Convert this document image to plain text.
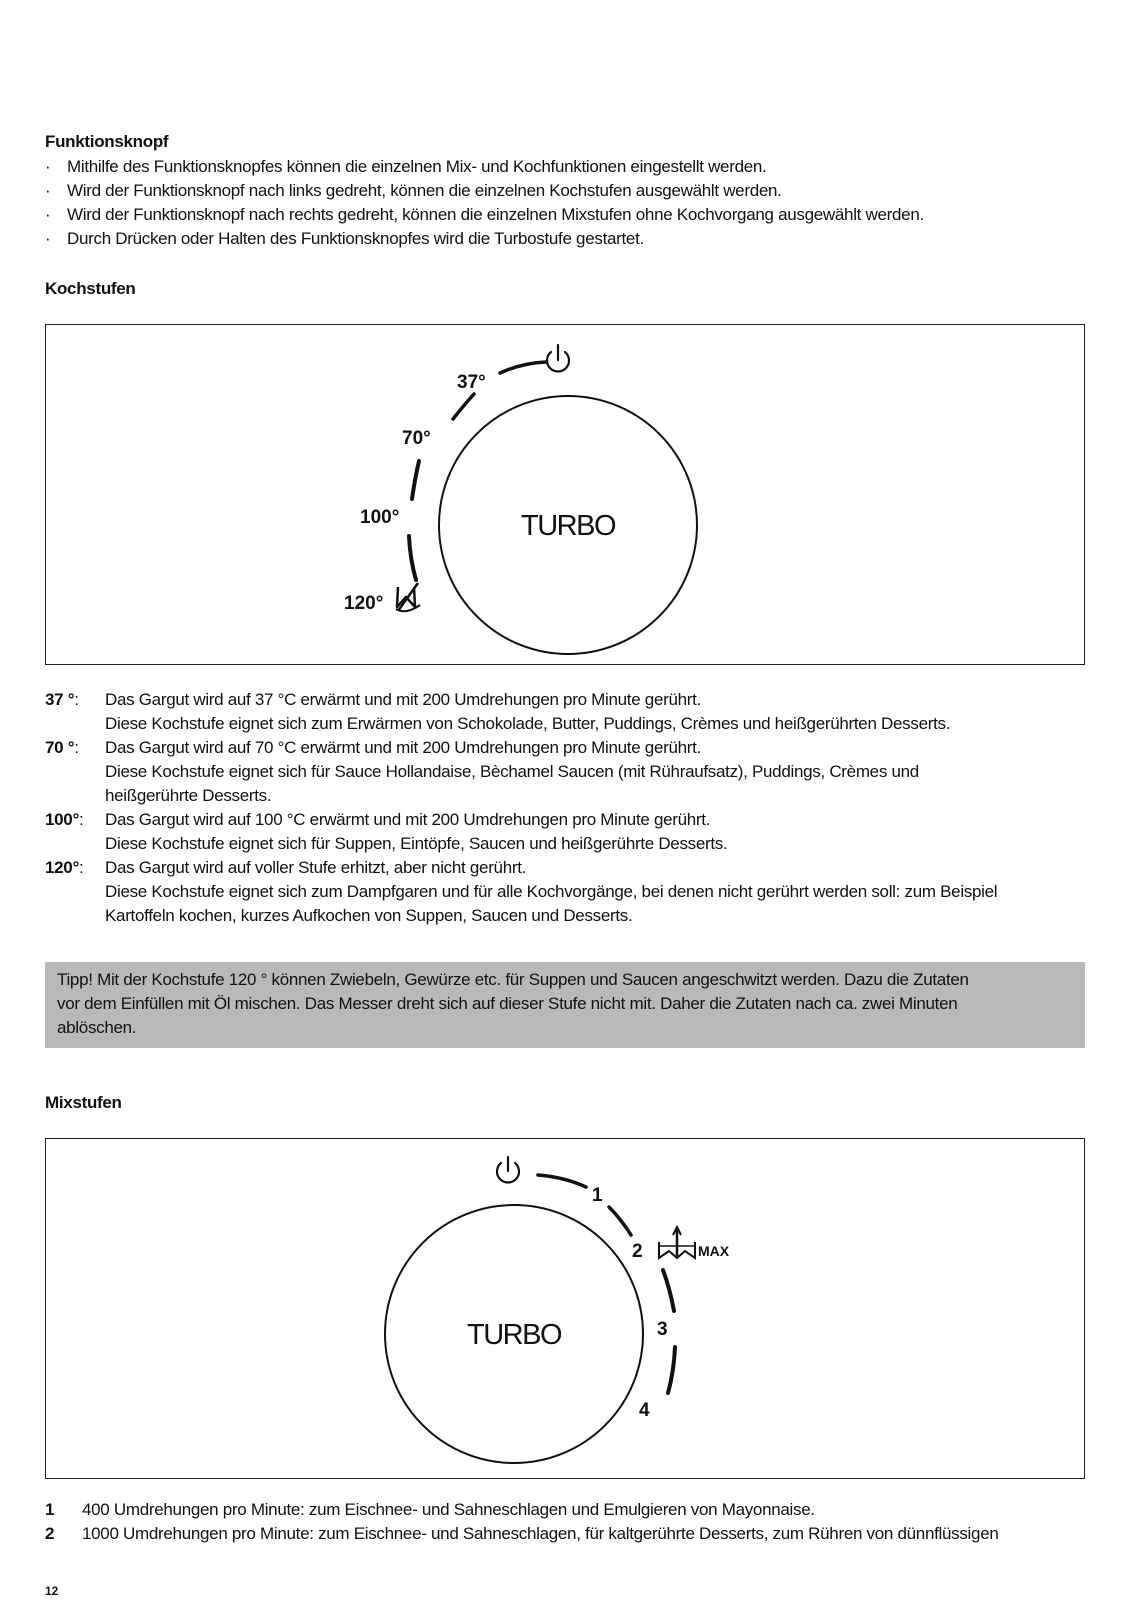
Funktionsknopf
· Mithilfe des Funktionsknopfes können die einzelnen Mix- und Kochfunktionen eingestellt werden.
· Wird der Funktionsknopf nach links gedreht, können die einzelnen Kochstufen ausgewählt werden.
· Wird der Funktionsknopf nach rechts gedreht, können die einzelnen Mixstufen ohne Kochvorgang ausgewählt werden.
· Durch Drücken oder Halten des Funktionsknopfes wird die Turbostufe gestartet.
Kochstufen
TURBO
37°
70°
100°
120°
37 °:	Das Gargut wird auf 37 °C erwärmt und mit 200 Umdrehungen pro Minute gerührt.
Diese Kochstufe eignet sich zum Erwärmen von Schokolade, Butter, Puddings, Crèmes und heißgerührten Desserts.
70 °:	Das Gargut wird auf 70 °C erwärmt und mit 200 Umdrehungen pro Minute gerührt.
Diese Kochstufe eignet sich für Sauce Hollandaise, Bèchamel Saucen (mit Rühraufsatz), Puddings, Crèmes und
heißgerührte Desserts.
100°:	Das Gargut wird auf 100 °C erwärmt und mit 200 Umdrehungen pro Minute gerührt.
Diese Kochstufe eignet sich für Suppen, Eintöpfe, Saucen und heißgerührte Desserts.
120°:	Das Gargut wird auf voller Stufe erhitzt, aber nicht gerührt.
Diese Kochstufe eignet sich zum Dampfgaren und für alle Kochvorgänge, bei denen nicht gerührt werden soll: zum Beispiel
Kartoffeln kochen, kurzes Aufkochen von Suppen, Saucen und Desserts.
Tipp! Mit der Kochstufe 120 ° können Zwiebeln, Gewürze etc. für Suppen und Saucen angeschwitzt werden. Dazu die Zutaten
vor dem Einfüllen mit Öl mischen. Das Messer dreht sich auf dieser Stufe nicht mit. Daher die Zutaten nach ca. zwei Minuten
ablöschen.
Mixstufen
TURBO
1
2
3
4
MAX
1	400 Umdrehungen pro Minute: zum Eischnee- und Sahneschlagen und Emulgieren von Mayonnaise.
2	1000 Umdrehungen pro Minute: zum Eischnee- und Sahneschlagen, für kaltgerührte Desserts, zum Rühren von dünnflüssigen
12
